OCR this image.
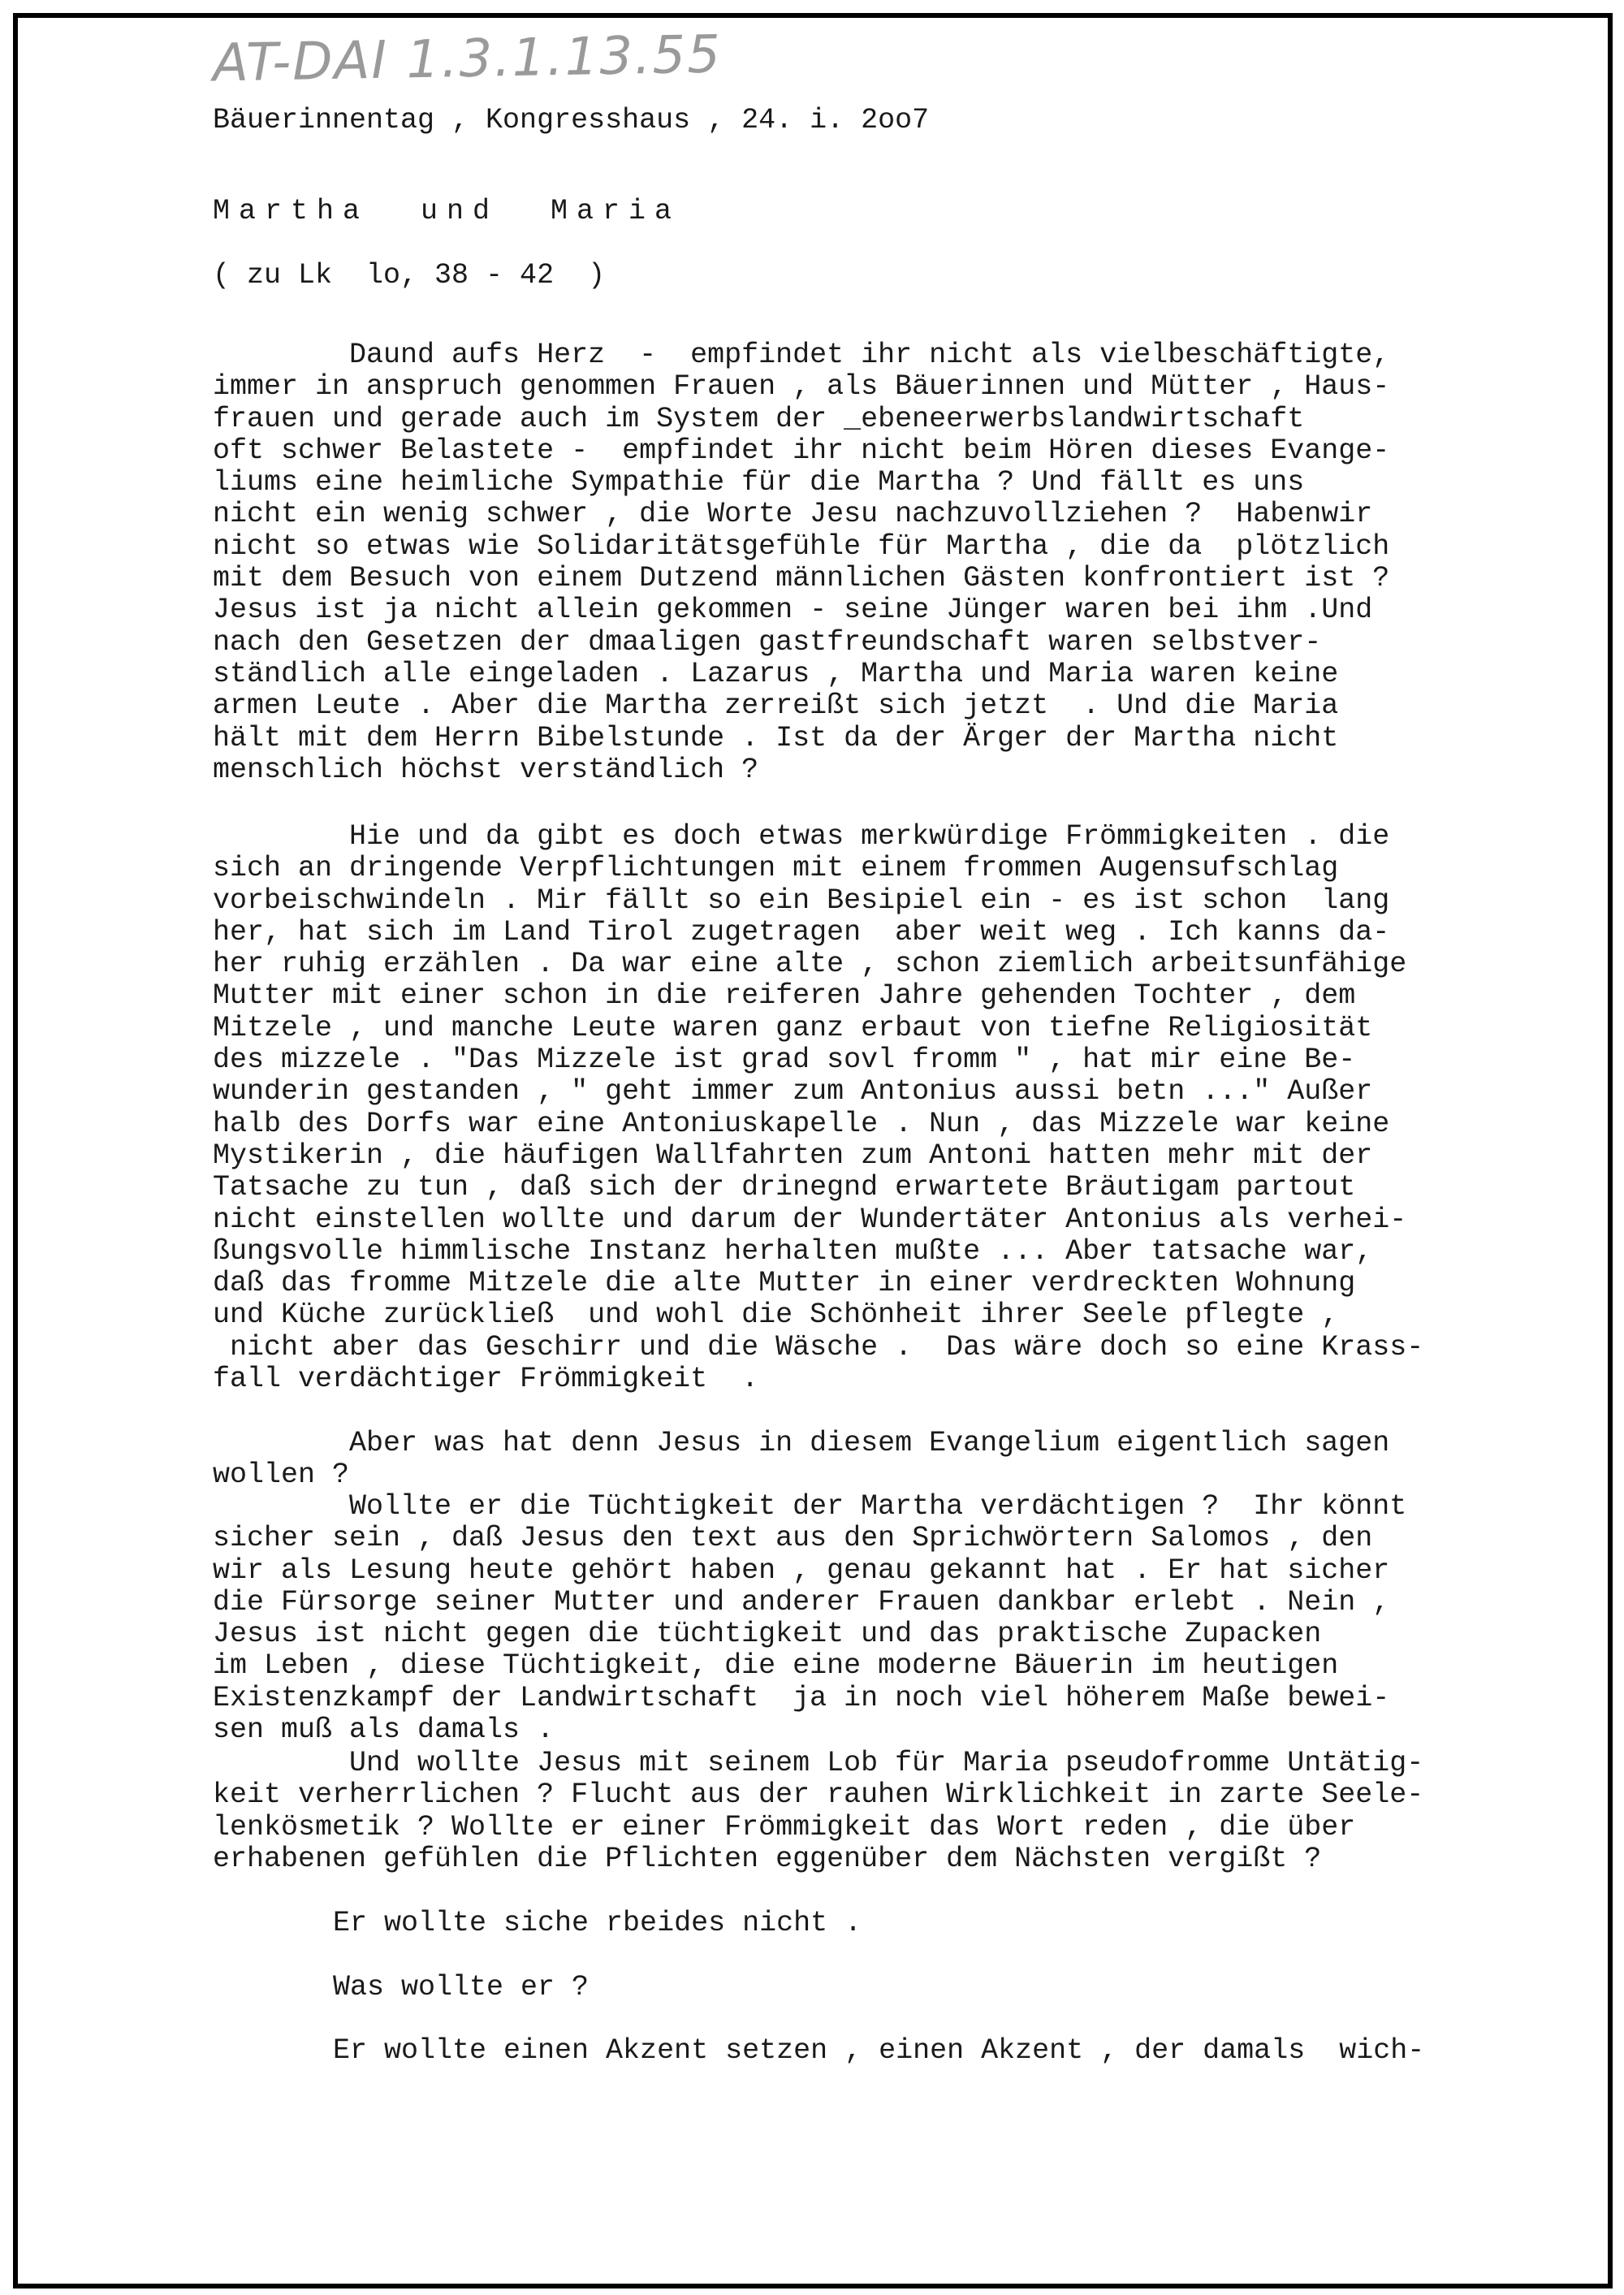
AT-DAI 1.3.1.13.55
Bäuerinnentag , Kongresshaus , 24. i. 2oo7
Martha  und  Maria
( zu Lk  lo, 38 - 42  )
Daund aufs Herz  -  empfindet ihr nicht als vielbeschäftigte,
immer in anspruch genommen Frauen , als Bäuerinnen und Mütter , Haus-
frauen und gerade auch im System der _ebeneerwerbslandwirtschaft
oft schwer Belastete -  empfindet ihr nicht beim Hören dieses Evange-
liums eine heimliche Sympathie für die Martha ? Und fällt es uns
nicht ein wenig schwer , die Worte Jesu nachzuvollziehen ?  Habenwir
nicht so etwas wie Solidaritätsgefühle für Martha , die da  plötzlich
mit dem Besuch von einem Dutzend männlichen Gästen konfrontiert ist ?
Jesus ist ja nicht allein gekommen - seine Jünger waren bei ihm .Und
nach den Gesetzen der dmaaligen gastfreundschaft waren selbstver-
ständlich alle eingeladen . Lazarus , Martha und Maria waren keine
armen Leute . Aber die Martha zerreißt sich jetzt  . Und die Maria
hält mit dem Herrn Bibelstunde . Ist da der Ärger der Martha nicht
menschlich höchst verständlich ?
Hie und da gibt es doch etwas merkwürdige Frömmigkeiten . die
sich an dringende Verpflichtungen mit einem frommen Augensufschlag
vorbeischwindeln . Mir fällt so ein Besipiel ein - es ist schon  lang
her, hat sich im Land Tirol zugetragen  aber weit weg . Ich kanns da-
her ruhig erzählen . Da war eine alte , schon ziemlich arbeitsunfähige
Mutter mit einer schon in die reiferen Jahre gehenden Tochter , dem
Mitzele , und manche Leute waren ganz erbaut von tiefne Religiosität
des mizzele . "Das Mizzele ist grad sovl fromm " , hat mir eine Be-
wunderin gestanden , " geht immer zum Antonius aussi betn ..." Außer
halb des Dorfs war eine Antoniuskapelle . Nun , das Mizzele war keine
Mystikerin , die häufigen Wallfahrten zum Antoni hatten mehr mit der
Tatsache zu tun , daß sich der drinegnd erwartete Bräutigam partout
nicht einstellen wollte und darum der Wundertäter Antonius als verhei-
ßungsvolle himmlische Instanz herhalten mußte ... Aber tatsache war,
daß das fromme Mitzele die alte Mutter in einer verdreckten Wohnung
und Küche zurückließ  und wohl die Schönheit ihrer Seele pflegte ,
nicht aber das Geschirr und die Wäsche .  Das wäre doch so eine Krass-
fall verdächtiger Frömmigkeit  .
Aber was hat denn Jesus in diesem Evangelium eigentlich sagen
wollen ?
Wollte er die Tüchtigkeit der Martha verdächtigen ?  Ihr könnt
sicher sein , daß Jesus den text aus den Sprichwörtern Salomos , den
wir als Lesung heute gehört haben , genau gekannt hat . Er hat sicher
die Fürsorge seiner Mutter und anderer Frauen dankbar erlebt . Nein ,
Jesus ist nicht gegen die tüchtigkeit und das praktische Zupacken
im Leben , diese Tüchtigkeit, die eine moderne Bäuerin im heutigen
Existenzkampf der Landwirtschaft  ja in noch viel höherem Maße bewei-
sen muß als damals .
Und wollte Jesus mit seinem Lob für Maria pseudofromme Untätig-
keit verherrlichen ? Flucht aus der rauhen Wirklichkeit in zarte Seele-
lenkösmetik ? Wollte er einer Frömmigkeit das Wort reden , die über
erhabenen gefühlen die Pflichten eggenüber dem Nächsten vergißt ?
Er wollte siche rbeides nicht .
Was wollte er ?
Er wollte einen Akzent setzen , einen Akzent , der damals  wich-
